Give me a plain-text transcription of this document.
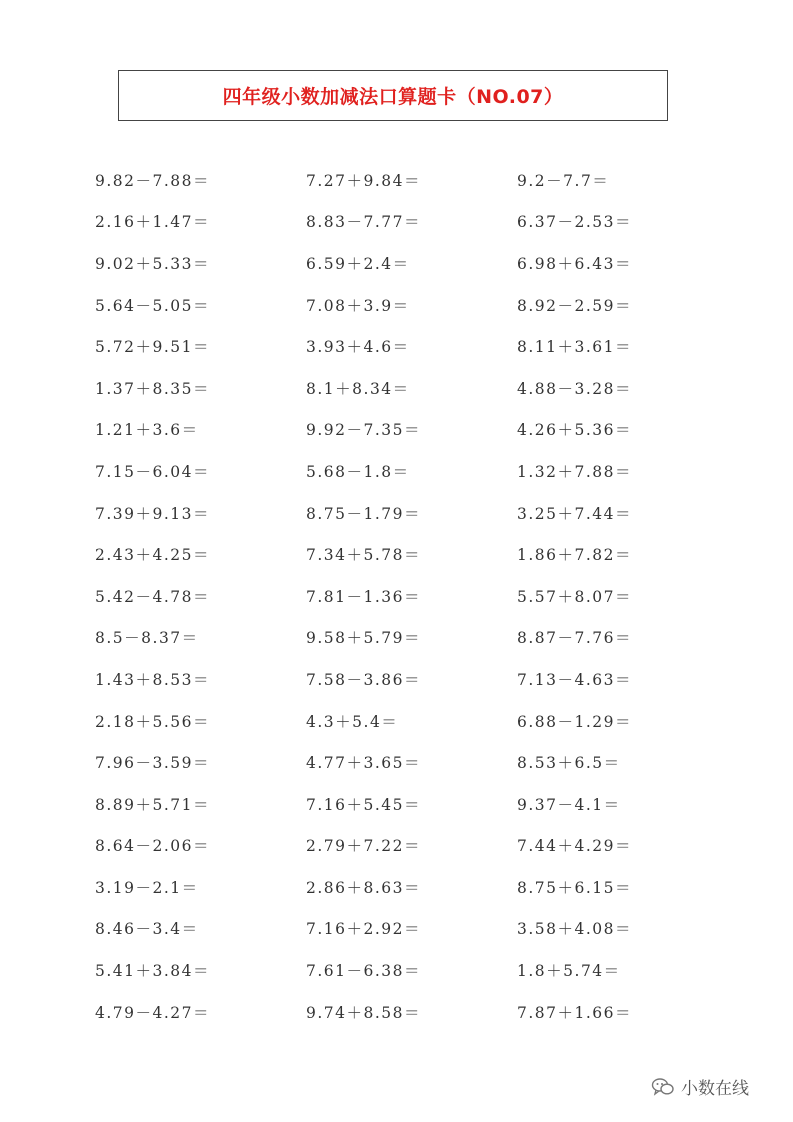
四年级小数加减法口算题卡（NO.07）
9.82－7.88＝	7.27＋9.84＝	9.2－7.7＝
2.16＋1.47＝	8.83－7.77＝	6.37－2.53＝
9.02＋5.33＝	6.59＋2.4＝	6.98＋6.43＝
5.64－5.05＝	7.08＋3.9＝	8.92－2.59＝
5.72＋9.51＝	3.93＋4.6＝	8.11＋3.61＝
1.37＋8.35＝	8.1＋8.34＝	4.88－3.28＝
1.21＋3.6＝	9.92－7.35＝	4.26＋5.36＝
7.15－6.04＝	5.68－1.8＝	1.32＋7.88＝
7.39＋9.13＝	8.75－1.79＝	3.25＋7.44＝
2.43＋4.25＝	7.34＋5.78＝	1.86＋7.82＝
5.42－4.78＝	7.81－1.36＝	5.57＋8.07＝
8.5－8.37＝	9.58＋5.79＝	8.87－7.76＝
1.43＋8.53＝	7.58－3.86＝	7.13－4.63＝
2.18＋5.56＝	4.3＋5.4＝	6.88－1.29＝
7.96－3.59＝	4.77＋3.65＝	8.53＋6.5＝
8.89＋5.71＝	7.16＋5.45＝	9.37－4.1＝
8.64－2.06＝	2.79＋7.22＝	7.44＋4.29＝
3.19－2.1＝	2.86＋8.63＝	8.75＋6.15＝
8.46－3.4＝	7.16＋2.92＝	3.58＋4.08＝
5.41＋3.84＝	7.61－6.38＝	1.8＋5.74＝
4.79－4.27＝	9.74＋8.58＝	7.87＋1.66＝
小数在线
